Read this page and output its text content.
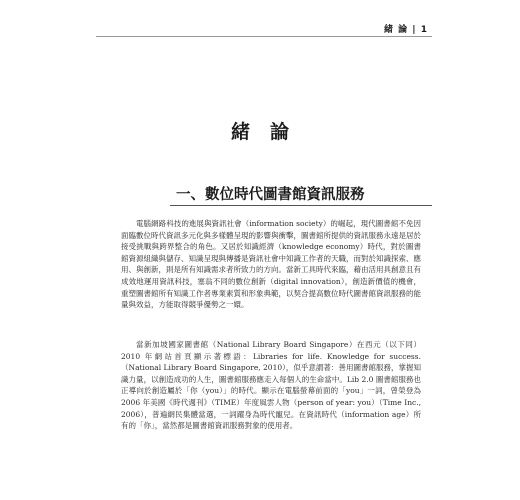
緒 論 | 1
緒論
一、數位時代圖書館資訊服務

電腦網路科技的進展與資訊社會（information society）的崛起，現代圖書館不免因面臨數位時代資訊多元化與多樣體呈現的影響與衝擊，圖書館所提供的資訊服務永遠是居於接受挑戰與跨界整合的角色。又居於知識經濟（knowledge economy）時代，對於圖書館資源組織與儲存、知識呈現與傳播是資訊社會中知識工作者的天職，而對於知識探索、應用、與創新，則是所有知識需求者所致力的方向。當新工具時代來臨，藉由活用具創意且有成效地運用資訊科技，塞翁不同的數位創新（digital innovation），創造新價值的機會，重塑圖書館所有知識工作者專業素質和形象典範，以契合提高數位時代圖書館資訊服務的能量與效益，方能取得競爭優勢之一嬛。

當新加坡國家圖書館（National Library Board Singapore）在西元（以下同）2010 年網站首頁顯示著標語：Libraries for life. Knowledge for success.（National Library Board Singapore, 2010），似乎意謂著：善用圖書館服務，掌握知識力量，以創造成功的人生，圖書館服務應走入每個人的生命當中。Lib 2.0 圖書館服務也正導向於創造屬於「你（you）」的時代。顯示在電腦螢幕前面的「you」一詞，曾榮登為 2006 年美國《時代週刊》（TIME）年度風雲人物（person of year: you）（Time Inc., 2006），普遍網民集體當選，一詞躍身為時代寵兒。在資訊時代（information age）所有的「你」，當然都是圖書館資訊服務對象的使用者。
